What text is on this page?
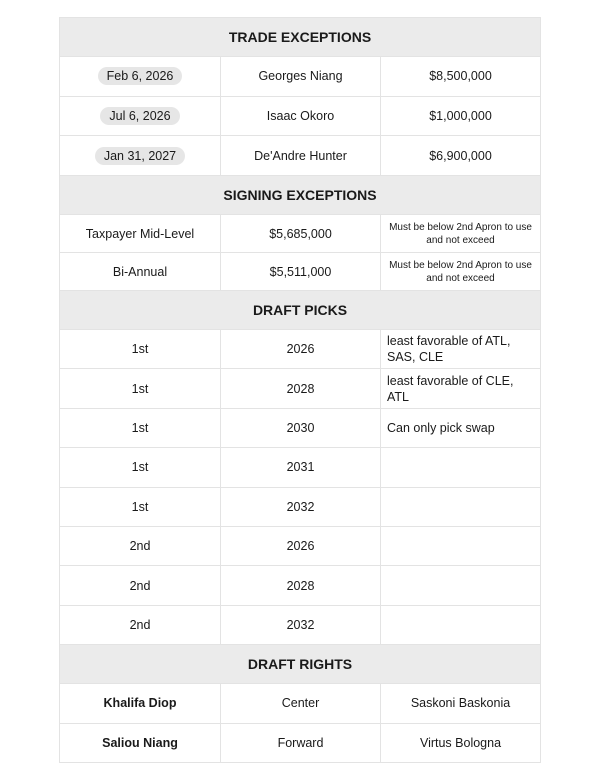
TRADE EXCEPTIONS		
Feb 6, 2026	Georges Niang	$8,500,000
Jul 6, 2026	Isaac Okoro	$1,000,000
Jan 31, 2027	De'Andre Hunter	$6,900,000
SIGNING EXCEPTIONS		
Taxpayer Mid-Level	$5,685,000	Must be below 2nd Apron to use and not exceed
Bi-Annual	$5,511,000	Must be below 2nd Apron to use and not exceed
DRAFT PICKS		
1st	2026	least favorable of ATL, SAS, CLE
1st	2028	least favorable of CLE, ATL
1st	2030	Can only pick swap
1st	2031	
1st	2032	
2nd	2026	
2nd	2028	
2nd	2032	
DRAFT RIGHTS		
Khalifa Diop	Center	Saskoni Baskonia
Saliou Niang	Forward	Virtus Bologna
